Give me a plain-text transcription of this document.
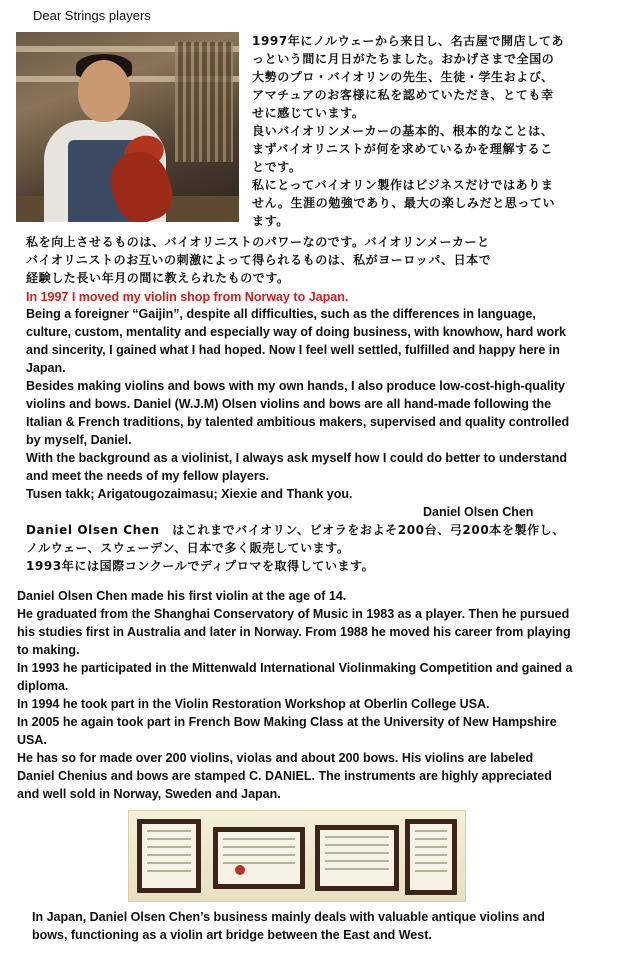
Dear Strings players
1997年にノルウェーから来日し、名古屋で開店してあ
っという間に月日がたちました。おかげさまで全国の
大勢のプロ・バイオリンの先生、生徒・学生および、
アマチュアのお客様に私を認めていただき、とても幸
せに感じています。
良いバイオリンメーカーの基本的、根本的なことは、
まずバイオリニストが何を求めているかを理解するこ
とです。
私にとってバイオリン製作はビジネスだけではありま
せん。生涯の勉強であり、最大の楽しみだと思ってい
ます。
私を向上させるものは、バイオリニストのパワーなのです。バイオリンメーカーと
バイオリニストのお互いの刺激によって得られるものは、私がヨーロッパ、日本で
経験した長い年月の間に教えられたものです。
In 1997 I moved my violin shop from Norway to Japan.
Being a foreigner “Gaijin”, despite all difficulties, such as the differences in language,
culture, custom, mentality and especially way of doing business, with knowhow, hard work
and sincerity, I gained what I had hoped. Now I feel well settled, fulfilled and happy here in
Japan.
Besides making violins and bows with my own hands, I also produce low-cost-high-quality
violins and bows. Daniel (W.J.M) Olsen violins and bows are all hand-made following the
Italian & French traditions, by talented ambitious makers, supervised and quality controlled
by myself, Daniel.
With the background as a violinist, I always ask myself how I could do better to understand
and meet the needs of my fellow players.
Tusen takk; Arigatougozaimasu; Xiexie and Thank you.
Daniel Olsen Chen
Daniel Olsen Chen　はこれまでバイオリン、ビオラをおよそ200台、弓200本を製作し、
ノルウェー、スウェーデン、日本で多く販売しています。
1993年には国際コンクールでディプロマを取得しています。
Daniel Olsen Chen made his first violin at the age of 14.
He graduated from the Shanghai Conservatory of Music in 1983 as a player. Then he pursued
his studies first in Australia and later in Norway. From 1988 he moved his career from playing
to making.
In 1993 he participated in the Mittenwald International Violinmaking Competition and gained a
diploma.
In 1994 he took part in the Violin Restoration Workshop at Oberlin College USA.
In 2005 he again took part in French Bow Making Class at the University of New Hampshire
USA.
He has so for made over 200 violins, violas and about 200 bows. His violins are labeled
Daniel Chenius and bows are stamped C. DANIEL. The instruments are highly appreciated
and well sold in Norway, Sweden and Japan.
In Japan, Daniel Olsen Chen’s business mainly deals with valuable antique violins and
bows, functioning as a violin art bridge between the East and West.
